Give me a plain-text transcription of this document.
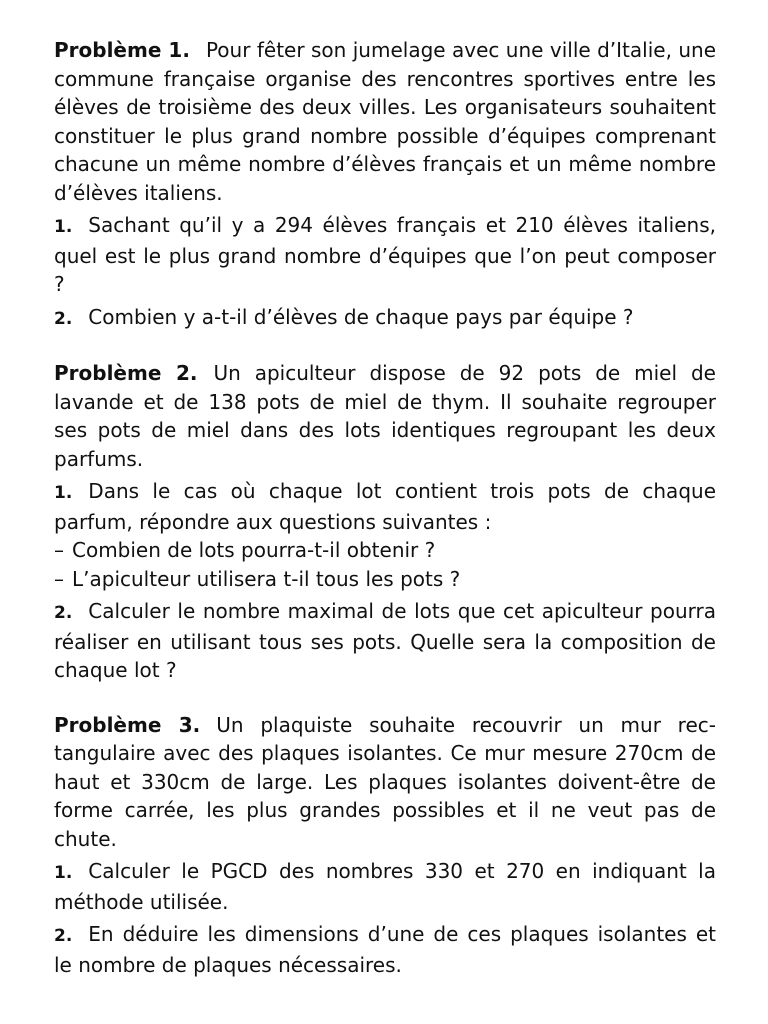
Problème 1. Pour fêter son jumelage avec une ville d’Italie, une commune française organise des rencontres sportives entre les élèves de troisième des deux villes. Les organisateurs souhaitent constituer le plus grand nombre possible d’équipes comprenant chacune un même nombre d’élèves français et un même nombre d’élèves italiens.

1. Sachant qu’il y a 294 élèves français et 210 élèves italiens, quel est le plus grand nombre d’équipes que l’on peut composer ?

2. Combien y a-t-il d’élèves de chaque pays par équipe ?

Problème 2. Un apiculteur dispose de 92 pots de miel de lavande et de 138 pots de miel de thym. Il souhaite regrouper ses pots de miel dans des lots identiques regroupant les deux parfums.

1. Dans le cas où chaque lot contient trois pots de chaque parfum, répondre aux questions suivantes :

– Combien de lots pourra-t-il obtenir ?

– L’apiculteur utilisera t-il tous les pots ?

2. Calculer le nombre maximal de lots que cet apiculteur pourra réaliser en utilisant tous ses pots. Quelle sera la composition de chaque lot ?

Problème 3. Un plaquiste souhaite recouvrir un mur rectangulaire avec des plaques isolantes. Ce mur mesure 270cm de haut et 330cm de large. Les plaques isolantes doivent-être de forme carrée, les plus grandes possibles et il ne veut pas de chute.

1. Calculer le PGCD des nombres 330 et 270 en indiquant la méthode utilisée.

2. En déduire les dimensions d’une de ces plaques isolantes et le nombre de plaques nécessaires.
